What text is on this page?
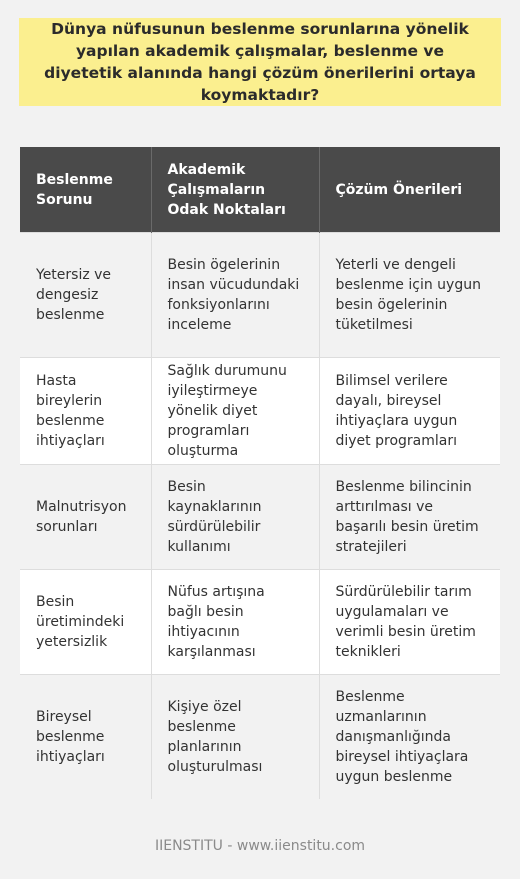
Dünya nüfusunun beslenme sorunlarına yönelik yapılan akademik çalışmalar, beslenme ve diyetetik alanında hangi çözüm önerilerini ortaya koymaktadır?
Beslenme Sorunu	Akademik Çalışmaların Odak Noktaları	Çözüm Önerileri
Yetersiz ve dengesiz beslenme	Besin ögelerinin insan vücudundaki fonksiyonlarını inceleme	Yeterli ve dengeli beslenme için uygun besin ögelerinin tüketilmesi
Hasta bireylerin beslenme ihtiyaçları	Sağlık durumunu iyileştirmeye yönelik diyet programları oluşturma	Bilimsel verilere dayalı, bireysel ihtiyaçlara uygun diyet programları
Malnutrisyon sorunları	Besin kaynaklarının sürdürülebilir kullanımı	Beslenme bilincinin arttırılması ve başarılı besin üretim stratejileri
Besin üretimindeki yetersizlik	Nüfus artışına bağlı besin ihtiyacının karşılanması	Sürdürülebilir tarım uygulamaları ve verimli besin üretim teknikleri
Bireysel beslenme ihtiyaçları	Kişiye özel beslenme planlarının oluşturulması	Beslenme uzmanlarının danışmanlığında bireysel ihtiyaçlara uygun beslenme
IIENSTITU - www.iienstitu.com
